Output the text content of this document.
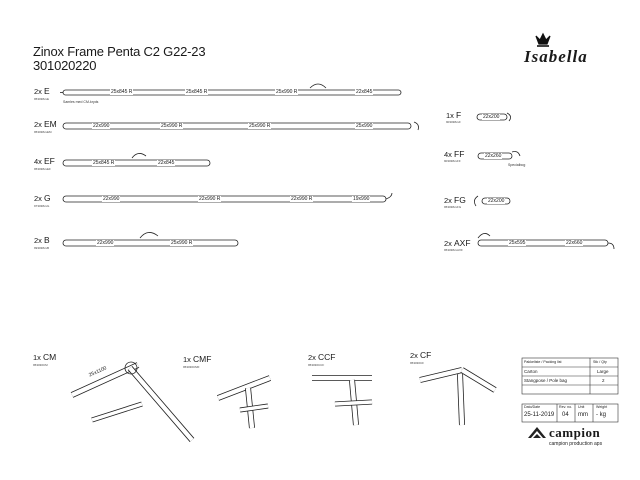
Zinox Frame Penta C2 G22-23
301020220	Isabella
2x E
953038xxE
Samles med CM-kryds
2x EM
953038xxEM
4x EF
953038xxEF
2x G
973038xxG
2x B
993038xxB
1x F
903038xxF
4x FF
903038xxFF
Specialbog
2x FG
953038xxFG
2x AXF
953038xxAXF
25x845 R	25x845 R	25x990 R	22x845
22x990	25x990 R	25x990 R	25x990
25x845 R	22x845
22x990	22x990 R	22x990 R	19x990
22x990	25x990 R
22x200
22x260
22x200
25x595	22x660
1x CM
953030CM
25x1100
1x CMF
953030CMF
2x CCF
953030CCF
2x CF
953030CF	Pakkeliste / Packing list	Stk / Qty
Carton	Large
Stangpose / Pole bag	2
Dato/Date
25-11-2019
Rev. no.
04
Unit
mm
Weight
- kg
campion
campion production aps
